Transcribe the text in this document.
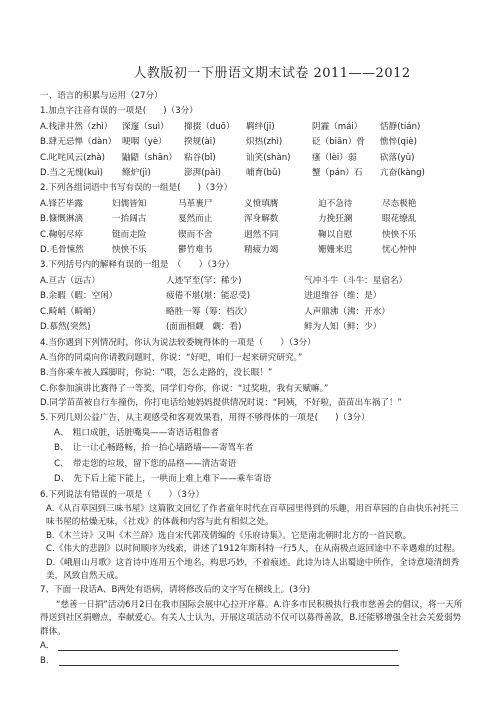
人教版初一下册语文期末试卷 2011——2012
一、语言的积累与运用（27分）
1.加点字注音有误的一项是(　　)（3分）
A.栈津井然（zhì）	深邃（suì）	撺掇（duō）	羁绊(jī)	阴霾（mái）	恬静(tián)
B.肆无忌惮（dàn） 哽咽（yè）	揆规(ài)	炽热(zhì)	砭（biān）骨	憔悴(qiè)
C.叱咤风云(zhà)	鼬鼯（shān） 粘谷(bǐ)	讪笑(shàn)	瘙（lèi）弱	砍落(yǔ)
D.当之无愧(kuì)	鲦炉(jì)	澎湃(pài)	哺育(bǔ)	蟹（pán）石	亢奋(kàng)
2.下列各组词语中书写有误的一组是(　　)（3分）
A.锋芒毕露	妇儒皆知	马革裹尸	义愤填膺	迫不急待	尽态极艳
B.慷慨淋漓	一抬阔古	戛然而止	浑身解数	力挽狂澜	眼花缭乱
C.鞠躬尽瘁	铤而走险	锲而不舍	迥然不同	鞠以自慰	怏怏不乐
D.毛骨悚然	怏怏不乐	鬱竹难书	精疲力竭	姗姗来迟	忧心忡忡
3.下列括号内的解释有误的一组是　（　　）（3分）
A.亘古（远古）	人迹罕至(罕：稀少)	气冲斗牛（斗牛：星宿名）
B.余暇（暇：空闲）	疲倦不堪(堪：能忍受)	进退维谷（维：是）
C.畸峭（畸峭）	略胜一筹（筹：档次）	人声鼎沸（沸：开水）
D.慕然(突然)	(面面相觑　觑：看)	鲜为人知（鲜：少）
4.当你遇到下列情况时，你认为说法较委婉得体的一项是（　　）（3分）
A.当你的同桌向你请教问题时，你说：“好吧，咱们一起来研究研究。”
B.当你乘车被人踩脚时，你说：“喂，怎么走路的，没长眼！”
C.你参加演讲比赛得了一等奖，同学们夸你，你说：“过奖啦，我有天赋嘛。”
D.同学苗苗被自行车撞伤，你打电话给她妈妈提供情况时说：“阿姨，不好啦，苗苗出车祸了！”
5.下列几则公益广告，从主观感受和客观效果看，用得不够得体的一项是(　　)（3分）
A、　粗口成脏，话脏嘴臭——寄语话粗鲁者
B、　让一让心畅路畅，抬一抬心墙路墙——寄驾车者
C、　带走您的垃圾，留下您的品格——清洁寄语
D、　先下后上能下能上，一哄而上难上难下——乘车寄语
6.下列说法有错误的一项是（　　）（3分）
A.《从百草园到三味书屋》这篇散文回忆了作者童年时代在百草园里得到的乐趣，用百草园的自由快乐衬托三味书屋的枯燥无味，《社戏》的体裁和内容与此有相似之处。
B.《木兰诗》又叫《木兰辞》选自宋代郭茂倩编的《乐府诗集》。它是南北朝时北方的一首民歌。
C.《伟大的悲剧》以时间顺序为线索，讲述了1912年斯科特一行5人，在从南极点返回途中不幸遇难的过程。
D.《峨眉山月歌》这首诗中连用五个地名，构思巧妙，不着痕迹。此诗为诗人出蜀途中所作，全诗意境清朗秀美，风致自然天成。
7、下面一段话A、B两处有语病，请将修改后的文字写在横线上。(3分)
“慈善一日捐”活动6月2日在我市国际会展中心拉开序幕。A.许多市民积极执行我市慈善会的倡议，将一天所得送到社区捐赠点，奉献爱心。有关人士认为，开展这项活动不仅可以募得善款，B.还能够增强全社会关爱弱势群体。
A．
B．
